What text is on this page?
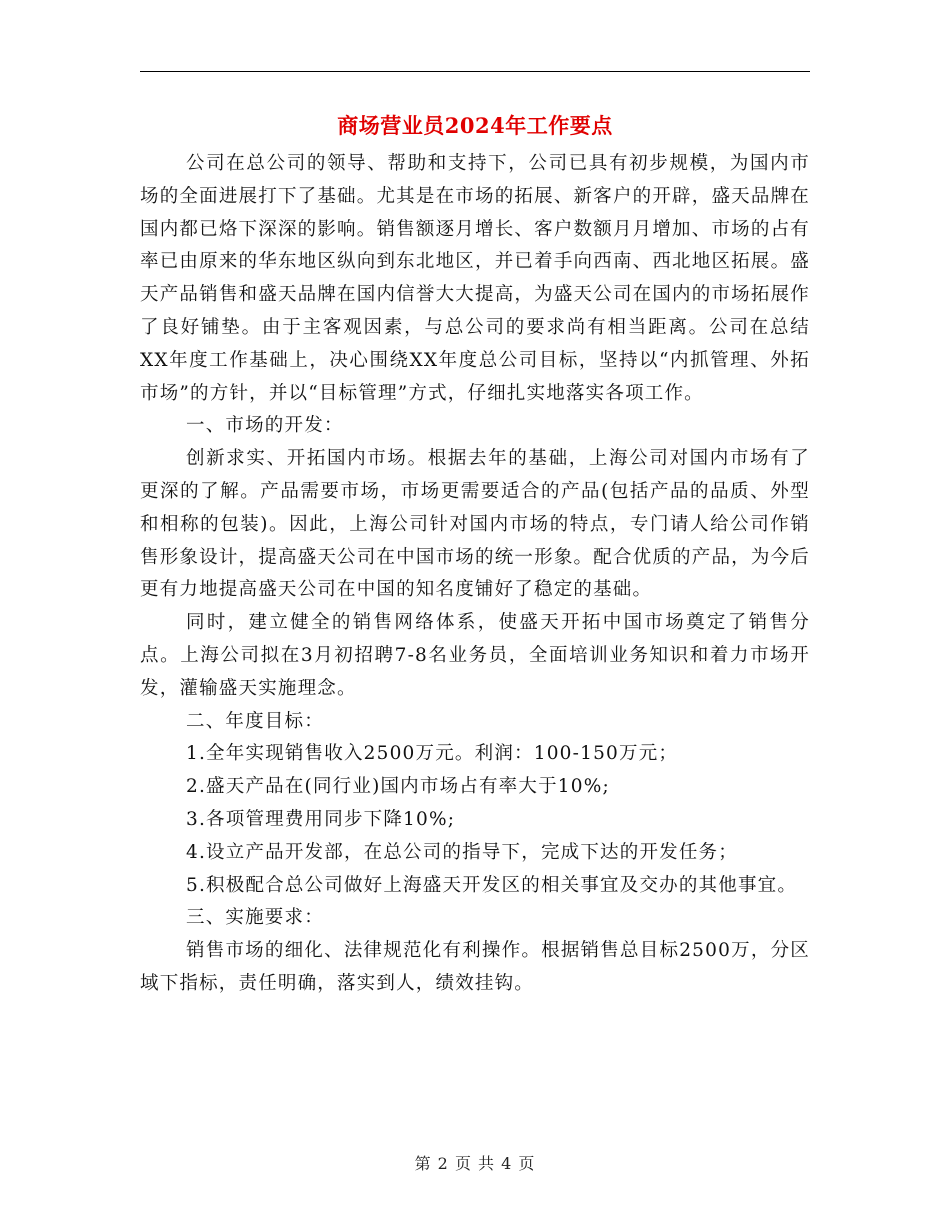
商场营业员2024年工作要点

公司在总公司的领导、帮助和支持下，公司已具有初步规模，为国内市场的全面进展打下了基础。尤其是在市场的拓展、新客户的开辟，盛天品牌在国内都已烙下深深的影响。销售额逐月增长、客户数额月月增加、市场的占有率已由原来的华东地区纵向到东北地区，并已着手向西南、西北地区拓展。盛天产品销售和盛天品牌在国内信誉大大提高，为盛天公司在国内的市场拓展作了良好铺垫。由于主客观因素，与总公司的要求尚有相当距离。公司在总结XX年度工作基础上，决心围绕XX年度总公司目标，坚持以“内抓管理、外拓市场”的方针，并以“目标管理”方式，仔细扎实地落实各项工作。

一、市场的开发：

创新求实、开拓国内市场。根据去年的基础，上海公司对国内市场有了更深的了解。产品需要市场，市场更需要适合的产品(包括产品的品质、外型和相称的包装)。因此，上海公司针对国内市场的特点，专门请人给公司作销售形象设计，提高盛天公司在中国市场的统一形象。配合优质的产品，为今后更有力地提高盛天公司在中国的知名度铺好了稳定的基础。

同时，建立健全的销售网络体系，使盛天开拓中国市场奠定了销售分点。上海公司拟在3月初招聘7-8名业务员，全面培训业务知识和着力市场开发，灌输盛天实施理念。

二、年度目标：

1.全年实现销售收入2500万元。利润：100-150万元；

2.盛天产品在(同行业)国内市场占有率大于10%;

3.各项管理费用同步下降10%;

4.设立产品开发部，在总公司的指导下，完成下达的开发任务；

5.积极配合总公司做好上海盛天开发区的相关事宜及交办的其他事宜。

三、实施要求：

销售市场的细化、法律规范化有利操作。根据销售总目标2500万，分区域下指标，责任明确，落实到人，绩效挂钩。

第 2 页 共 4 页
